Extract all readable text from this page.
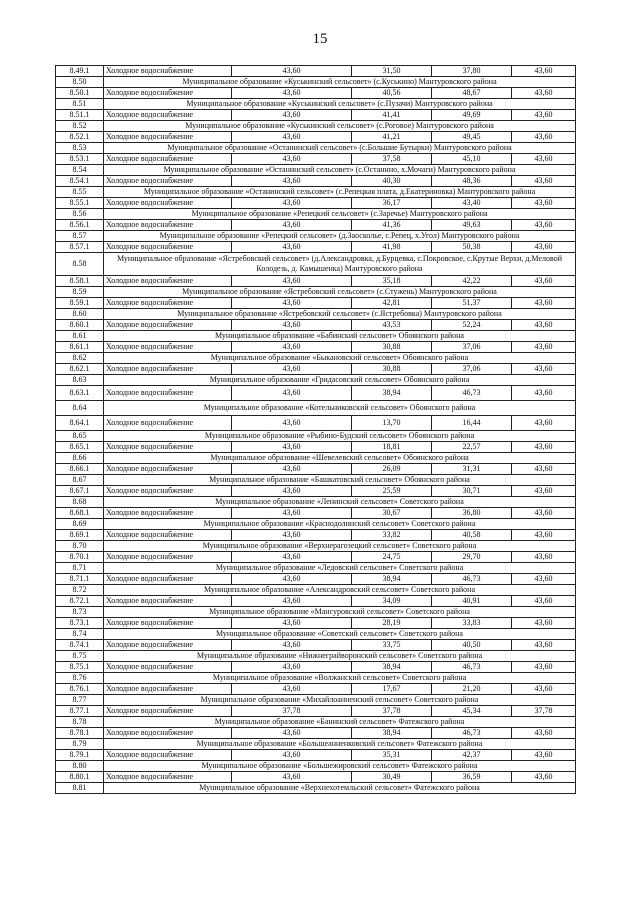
15
8.49.1	Холодное водоснабжение	43,60	31,50	37,80	43,60
8.50	Муниципальное образование «Куськинский сельсовет» (с.Куськино) Мантуровского района				
8.50.1	Холодное водоснабжение	43,60	40,56	48,67	43,60
8.51	Муниципальное образование «Куськинский сельсовет» (с.Пузачи) Мантуровского района				
8.51.1	Холодное водоснабжение	43,60	41,41	49,69	43,60
8.52	Муниципальное образование «Куськинский сельсовет» (с.Роговое) Мантуровского района				
8.52.1	Холодное водоснабжение	43,60	41,21	49,45	43,60
8.53	Муниципальное образование «Останинский сельсовет» (с.Большие Бутырки) Мантуровского района				
8.53.1	Холодное водоснабжение	43,60	37,58	45,10	43,60
8.54	Муниципальное образование «Останинский сельсовет» (с.Останино, х.Мочаги) Мантуровского района				
8.54.1	Холодное водоснабжение	43,60	40,30	48,36	43,60
8.55	Муниципальное образование «Останинский сельсовет» (с.Репецкая плата, д.Екатериновка) Мантуровского района				
8.55.1	Холодное водоснабжение	43,60	36,17	43,40	43,60
8.56	Муниципальное образование «Репецкий сельсовет» (с.Заречье) Мантуровского района				
8.56.1	Холодное водоснабжение	43,60	41,36	49,63	43,60
8.57	Муниципальное образование «Репецкий сельсовет» (д.Заосколье, с.Репец, х.Угол) Мантуровского района				
8.57.1	Холодное водоснабжение	43,60	41,98	50,38	43,60
8.58	Муниципальное образование «Ястребовский сельсовет» (д.Александровка, д.Бурцевка, с.Покровское, с.Крутые Верхи, д.Меловой Колодезь, д. Камышенка) Мантуровского района				
8.58.1	Холодное водоснабжение	43,60	35,18	42,22	43,60
8.59	Муниципальное образование «Ястребовский сельсовет» (с.Стужень) Мантуровского района				
8.59.1	Холодное водоснабжение	43,60	42,81	51,37	43,60
8.60	Муниципальное образование «Ястребовский сельсовет» (с.Ястребовка) Мантуровского района				
8.60.1	Холодное водоснабжение	43,60	43,53	52,24	43,60
8.61	Муниципальное образование «Бабинский сельсовет» Обоянского района				
8.61.1	Холодное водоснабжение	43,60	30,88	37,06	43,60
8.62	Муниципальное образование «Быкановский сельсовет» Обоянского района				
8.62.1	Холодное водоснабжение	43,60	30,88	37,06	43,60
8.63	Муниципальное образование «Гридасовский сельсовет» Обоянского района				
8.63.1	Холодное водоснабжение	43,60	38,94	46,73	43,60
8.64	Муниципальное образование «Котельниковский сельсовет» Обоянского района				
8.64.1	Холодное водоснабжение	43,60	13,70	16,44	43,60
8.65	Муниципальное образование «Рыбино-Будский сельсовет» Обоянского района				
8.65.1	Холодное водоснабжение	43,60	18,81	22,57	43,60
8.66	Муниципальное образование «Шевелевский сельсовет» Обоянского района				
8.66.1	Холодное водоснабжение	43,60	26,09	31,31	43,60
8.67	Муниципальное образование «Башкатовский сельсовет» Обоянского района				
8.67.1	Холодное водоснабжение	43,60	25,59	30,71	43,60
8.68	Муниципальное образование «Ленинский сельсовет» Советского района				
8.68.1	Холодное водоснабжение	43,60	30,67	36,80	43,60
8.69	Муниципальное образование «Краснодолинский сельсовет» Советского района				
8.69.1	Холодное водоснабжение	43,60	33,82	40,58	43,60
8.70	Муниципальное образование «Верхнерагозецкий сельсовет» Советского района				
8.70.1	Холодное водоснабжение	43,60	24,75	29,70	43,60
8.71	Муниципальное образование «Ледовский сельсовет» Советского района				
8.71.1	Холодное водоснабжение	43,60	38,94	46,73	43,60
8.72	Муниципальное образование «Александровский сельсовет» Советского района				
8.72.1	Холодное водоснабжение	43,60	34,09	40,91	43,60
8.73	Муниципальное образование «Мансуровский сельсовет» Советского района				
8.73.1	Холодное водоснабжение	43,60	28,19	33,83	43,60
8.74	Муниципальное образование «Советский сельсовет» Советского района				
8.74.1	Холодное водоснабжение	43,60	33,75	40,50	43,60
8.75	Муниципальное образование «Нижнеграйворонский сельсовет» Советского района				
8.75.1	Холодное водоснабжение	43,60	38,94	46,73	43,60
8.76	Муниципальное образование «Волжанский сельсовет» Советского района				
8.76.1	Холодное водоснабжение	43,60	17,67	21,20	43,60
8.77	Муниципальное образование «Михайлоанненский сельсовет» Советского района				
8.77.1	Холодное водоснабжение	37,78	37,78	45,34	37,78
8.78	Муниципальное образование «Банинский сельсовет» Фатежского района				
8.78.1	Холодное водоснабжение	43,60	38,94	46,73	43,60
8.79	Муниципальное образование «Большеанненковский сельсовет» Фатежского района				
8.79.1	Холодное водоснабжение	43,60	35,31	42,37	43,60
8.80	Муниципальное образование «Большежировский сельсовет» Фатежского района				
8.80.1	Холодное водоснабжение	43,60	30,49	36,59	43,60
8.81	Муниципальное образование «Верхнехотемльский сельсовет» Фатежского района				
